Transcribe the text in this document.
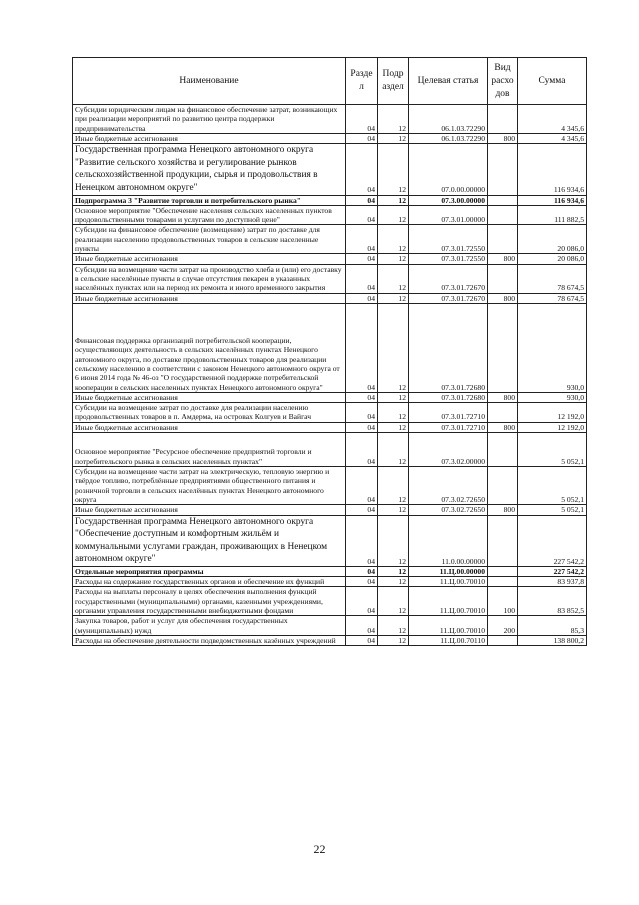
Наименование	Разде л	Подр аздел	Целевая статья	Вид расхо дов	Сумма
Субсидии юридическим лицам на финансовое обеспечение затрат, возникающих при реализации мероприятий по развитию центра поддержки предпринимательства	04	12	06.1.03.72290		4 345,6
Иные бюджетные ассигнования	04	12	06.1.03.72290	800	4 345,6
Государственная программа Ненецкого автономного округа "Развитие сельского хозяйства и регулирование рынков сельскохозяйственной продукции, сырья и продовольствия в Ненецком автономном округе"	04	12	07.0.00.00000		116 934,6
Подпрограмма 3 "Развитие торговли и потребительского рынка"	04	12	07.3.00.00000		116 934,6
Основное мероприятие "Обеспечение населения сельских населенных пунктов продовольственными товарами и услугами по доступной цене"	04	12	07.3.01.00000		111 882,5
Субсидии на финансовое обеспечение (возмещение) затрат по доставке для реализации населению продовольственных товаров в сельские населенные пункты	04	12	07.3.01.72550		20 086,0
Иные бюджетные ассигнования	04	12	07.3.01.72550	800	20 086,0
Субсидии на возмещение части затрат на производство хлеба и (или) его доставку в сельские населённые пункты в случае отсутствия пекарен в указанных населённых пунктах или на период их ремонта и иного временного закрытия	04	12	07.3.01.72670		78 674,5
Иные бюджетные ассигнования	04	12	07.3.01.72670	800	78 674,5
Финансовая поддержка организаций потребительской кооперации, осуществляющих деятельность в сельских населённых пунктах Ненецкого автономного округа, по доставке продовольственных товаров для реализации сельскому населению в соответствии с законом Ненецкого автономного округа от 6 июня 2014 года № 46-оз "О государственной поддержке потребительской кооперации в сельских населенных пунктах Ненецкого автономного округа"	04	12	07.3.01.72680		930,0
Иные бюджетные ассигнования	04	12	07.3.01.72680	800	930,0
Субсидии на возмещение затрат по доставке для реализации населению продовольственных товаров в п. Амдерма, на островах Колгуев и Вайгач	04	12	07.3.01.72710		12 192,0
Иные бюджетные ассигнования	04	12	07.3.01.72710	800	12 192,0
Основное мероприятие "Ресурсное обеспечение предприятий торговли и потребительского рынка в сельских населенных пунктах"	04	12	07.3.02.00000		5 052,1
Субсидии на возмещение части затрат на электрическую, тепловую энергию и твёрдое топливо, потреблённые предприятиями общественного питания и розничной торговли в сельских населённых пунктах Ненецкого автономного округа	04	12	07.3.02.72650		5 052,1
Иные бюджетные ассигнования	04	12	07.3.02.72650	800	5 052,1
Государственная программа Ненецкого автономного округа "Обеспечение доступным и комфортным жильём и коммунальными услугами граждан, проживающих в Ненецком автономном округе"	04	12	11.0.00.00000		227 542,2
Отдельные мероприятия программы	04	12	11.Ц.00.00000		227 542,2
Расходы на содержание государственных органов и обеспечение их функций	04	12	11.Ц.00.70010		83 937,8
Расходы на выплаты персоналу в целях обеспечения выполнения функций государственными (муниципальными) органами, казенными учреждениями, органами управления государственными внебюджетными фондами	04	12	11.Ц.00.70010	100	83 852,5
Закупка товаров, работ и услуг для обеспечения государственных (муниципальных) нужд	04	12	11.Ц.00.70010	200	85,3
Расходы на обеспечение деятельности подведомственных казённых учреждений	04	12	11.Ц.00.70110		138 800,2
22
